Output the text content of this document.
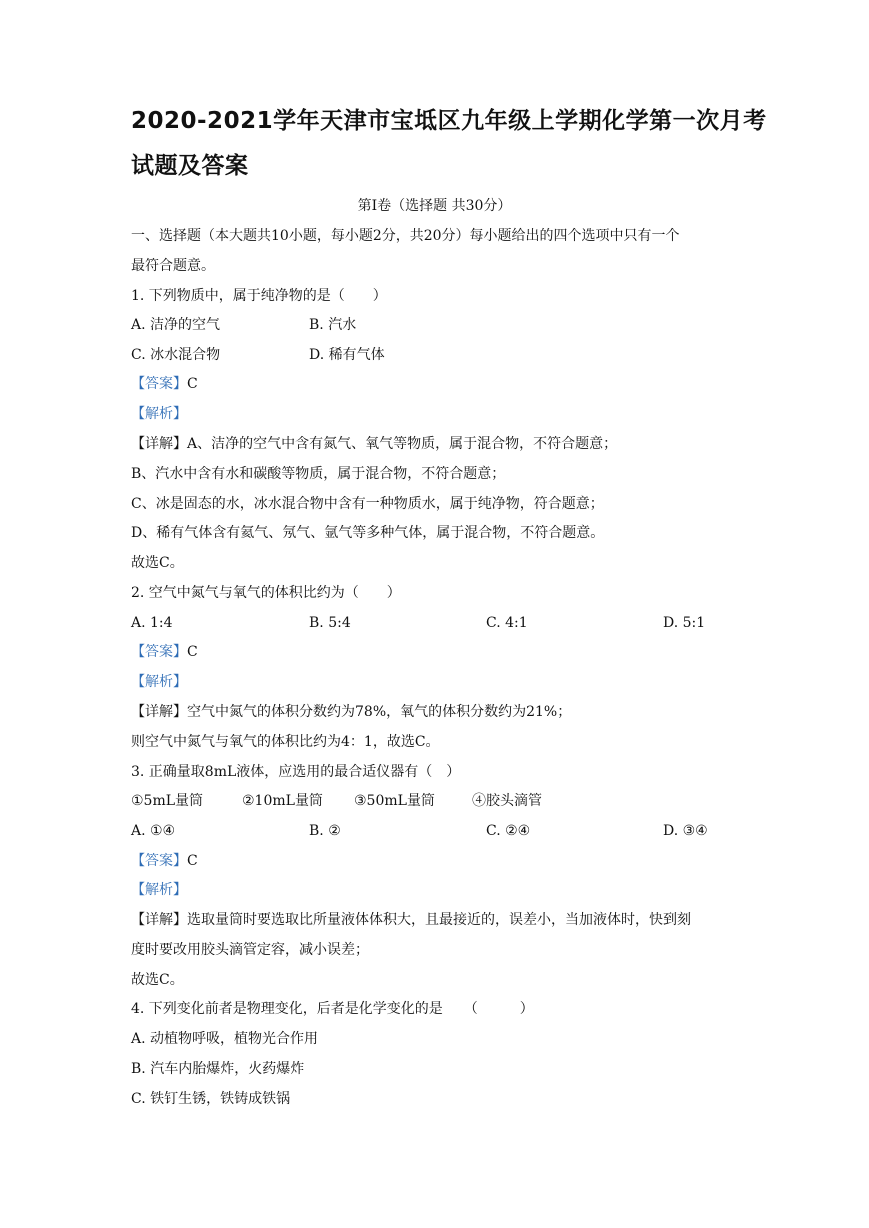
2020-2021学年天津市宝坻区九年级上学期化学第一次月考
试题及答案
第Ⅰ卷（选择题 共30分）
一、选择题（本大题共10小题，每小题2分，共20分）每小题给出的四个选项中只有一个
最符合题意。
1. 下列物质中，属于纯净物的是（　　）
A. 洁净的空气	B. 汽水
C. 冰水混合物	D. 稀有气体
【答案】C
【解析】
【详解】A、洁净的空气中含有氮气、氧气等物质，属于混合物，不符合题意；
B、汽水中含有水和碳酸等物质，属于混合物，不符合题意；
C、冰是固态的水，冰水混合物中含有一种物质水，属于纯净物，符合题意；
D、稀有气体含有氦气、氖气、氩气等多种气体，属于混合物，不符合题意。
故选C。
2. 空气中氮气与氧气的体积比约为（　　）
A. 1:4	B. 5:4	C. 4:1	D. 5:1
【答案】C
【解析】
【详解】空气中氮气的体积分数约为78%，氧气的体积分数约为21%；
则空气中氮气与氧气的体积比约为4：1，故选C。
3. 正确量取8mL液体，应选用的最合适仪器有（　）
①5mL量筒	②10mL量筒 ③50mL量筒	④胶头滴管
A. ①④	B. ②	C. ②④	D. ③④
【答案】C
【解析】
【详解】选取量筒时要选取比所量液体体积大，且最接近的，误差小，当加液体时，快到刻
度时要改用胶头滴管定容，减小误差；
故选C。
4. 下列变化前者是物理变化，后者是化学变化的是　　（　　　）
A. 动植物呼吸，植物光合作用
B. 汽车内胎爆炸，火药爆炸
C. 铁钉生锈，铁铸成铁锅
